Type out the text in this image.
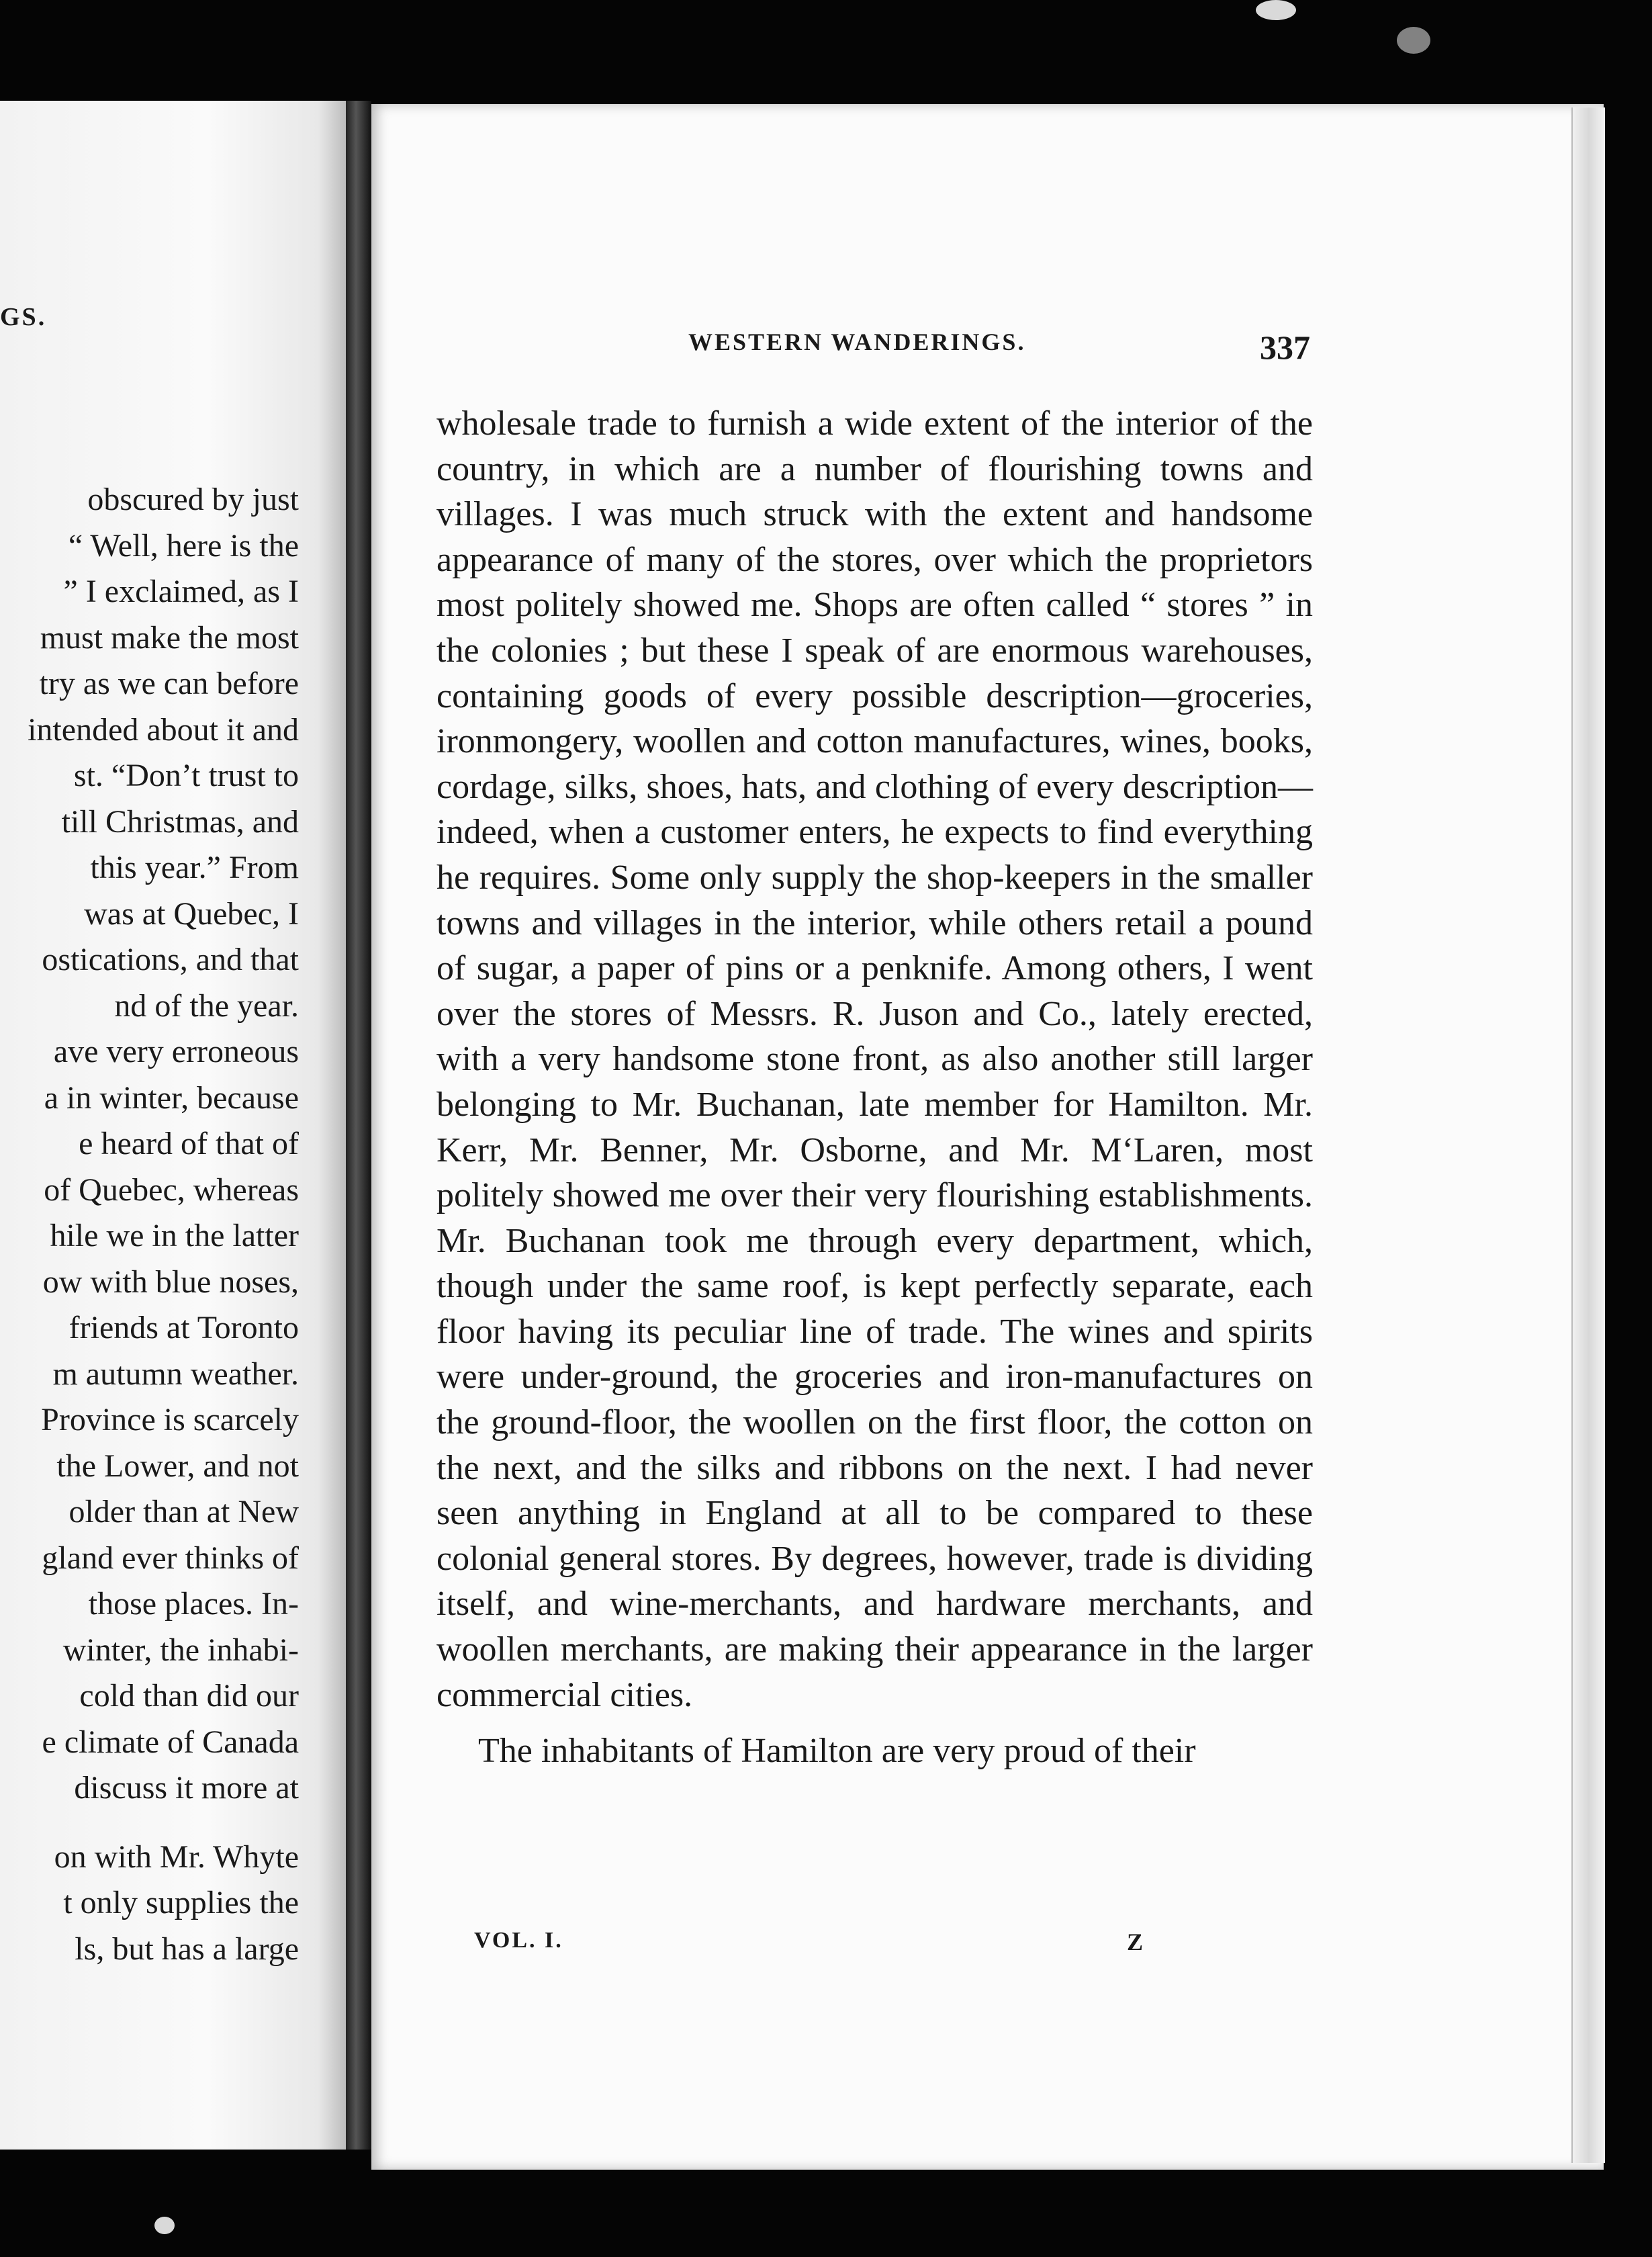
GS.
obscured by just
“ Well, here is the
” I exclaimed, as I
must make the most
try as we can before
intended about it and
st. “Don’t trust to
till Christmas, and
this year.” From
was at Quebec, I
ostications, and that
nd of the year.
ave very erroneous
a in winter, because
e heard of that of
of Quebec, whereas
hile we in the latter
ow with blue noses,
friends at Toronto
m autumn weather.
Province is scarcely
the Lower, and not
older than at New
gland ever thinks of
those places. In-
winter, the inhabi-
cold than did our
e climate of Canada
discuss it more at
on with Mr. Whyte
t only supplies the
ls, but has a large
WESTERN WANDERINGS.	337

wholesale trade to furnish a wide extent of the interior of the country, in which are a number of flourishing towns and villages. I was much struck with the extent and handsome appearance of many of the stores, over which the proprietors most politely showed me. Shops are often called “ stores ” in the colonies ; but these I speak of are enormous warehouses, containing goods of every possible description—groceries, ironmongery, woollen and cotton manufactures, wines, books, cordage, silks, shoes, hats, and clothing of every description—indeed, when a customer enters, he expects to find everything he requires. Some only supply the shop-keepers in the smaller towns and villages in the interior, while others retail a pound of sugar, a paper of pins or a penknife. Among others, I went over the stores of Messrs. R. Juson and Co., lately erected, with a very handsome stone front, as also another still larger belonging to Mr. Buchanan, late member for Hamilton. Mr. Kerr, Mr. Benner, Mr. Osborne, and Mr. M‘Laren, most politely showed me over their very flourishing establishments. Mr. Buchanan took me through every department, which, though under the same roof, is kept perfectly separate, each floor having its peculiar line of trade. The wines and spirits were under-ground, the groceries and iron-manufactures on the ground-floor, the woollen on the first floor, the cotton on the next, and the silks and ribbons on the next. I had never seen anything in England at all to be compared to these colonial general stores. By degrees, however, trade is dividing itself, and wine-merchants, and hardware merchants, and woollen merchants, are making their appearance in the larger commercial cities.

The inhabitants of Hamilton are very proud of their

VOL. I.	Z
